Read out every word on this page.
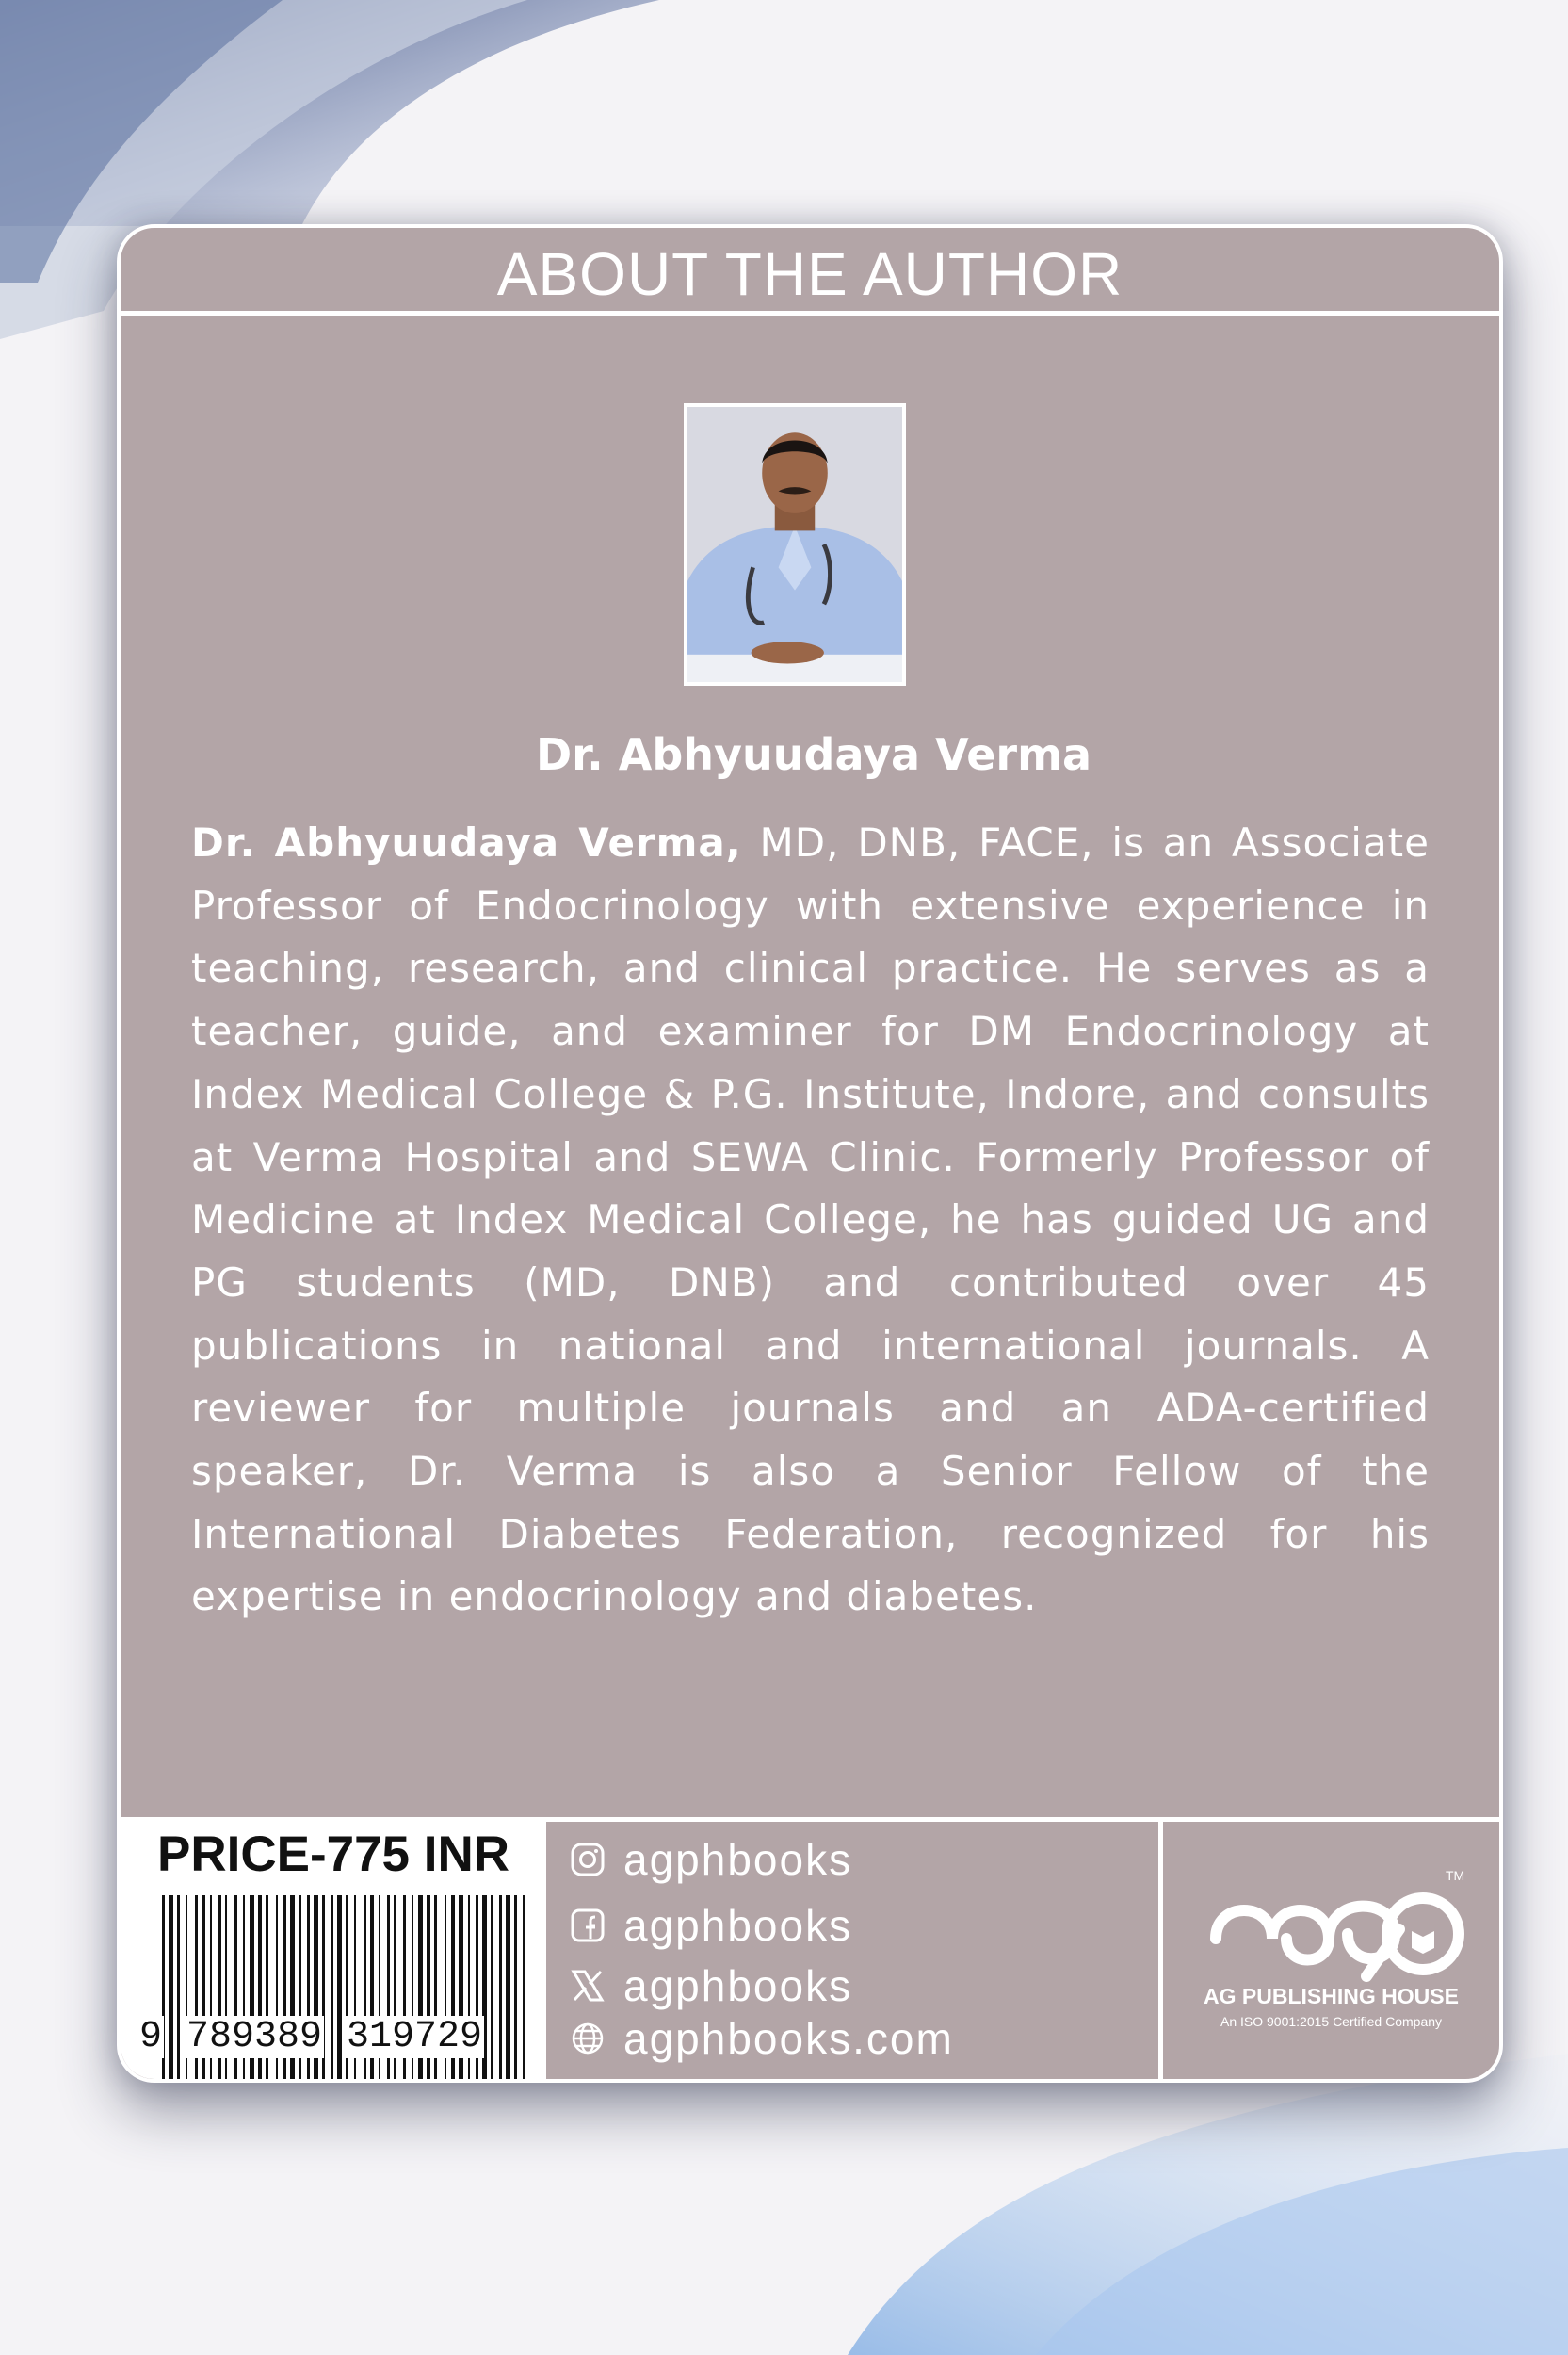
ABOUT THE AUTHOR
Dr. Abhyuudaya Verma

Dr. Abhyuudaya Verma, MD, DNB, FACE, is an Associate Professor of Endocrinology with extensive experience in teaching, research, and clinical practice. He serves as a teacher, guide, and examiner for DM Endocrinology at Index Medical College & P.G. Institute, Indore, and consults at Verma Hospital and SEWA Clinic. Formerly Professor of Medicine at Index Medical College, he has guided UG and PG students (MD, DNB) and contributed over 45 publications in national and international journals. A reviewer for multiple journals and an ADA-certified speaker, Dr. Verma is also a Senior Fellow of the International Diabetes Federation, recognized for his expertise in endocrinology and diabetes.

PRICE-775 INR
9 789389 319729
agphbooks
agphbooks
agphbooks
agphbooks.com
TM
AG PUBLISHING HOUSE
An ISO 9001:2015 Certified Company
